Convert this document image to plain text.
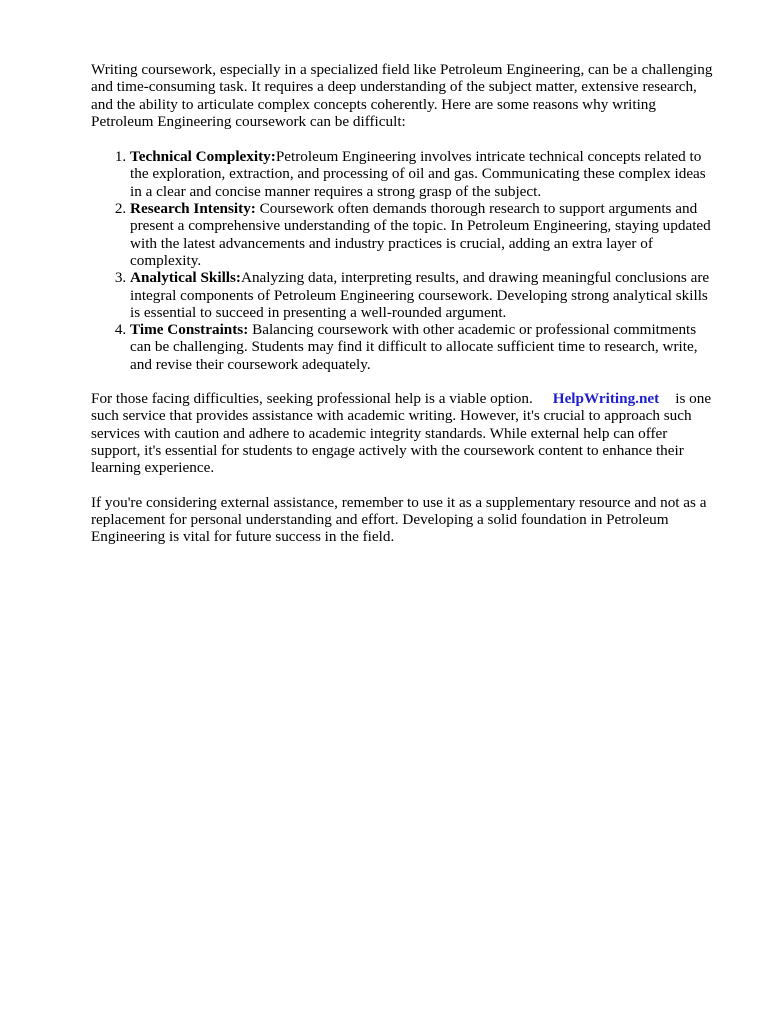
Writing coursework, especially in a specialized field like Petroleum Engineering, can be a challenging and time-consuming task. It requires a deep understanding of the subject matter, extensive research, and the ability to articulate complex concepts coherently. Here are some reasons why writing Petroleum Engineering coursework can be difficult:

1. Technical Complexity:Petroleum Engineering involves intricate technical concepts related to the exploration, extraction, and processing of oil and gas. Communicating these complex ideas in a clear and concise manner requires a strong grasp of the subject.
2. Research Intensity: Coursework often demands thorough research to support arguments and present a comprehensive understanding of the topic. In Petroleum Engineering, staying updated with the latest advancements and industry practices is crucial, adding an extra layer of complexity.
3. Analytical Skills:Analyzing data, interpreting results, and drawing meaningful conclusions are integral components of Petroleum Engineering coursework. Developing strong analytical skills is essential to succeed in presenting a well-rounded argument.
4. Time Constraints: Balancing coursework with other academic or professional commitments can be challenging. Students may find it difficult to allocate sufficient time to research, write, and revise their coursework adequately.

For those facing difficulties, seeking professional help is a viable option. HelpWriting.net is one such service that provides assistance with academic writing. However, it's crucial to approach such services with caution and adhere to academic integrity standards. While external help can offer support, it's essential for students to engage actively with the coursework content to enhance their learning experience.

If you're considering external assistance, remember to use it as a supplementary resource and not as a replacement for personal understanding and effort. Developing a solid foundation in Petroleum Engineering is vital for future success in the field.
